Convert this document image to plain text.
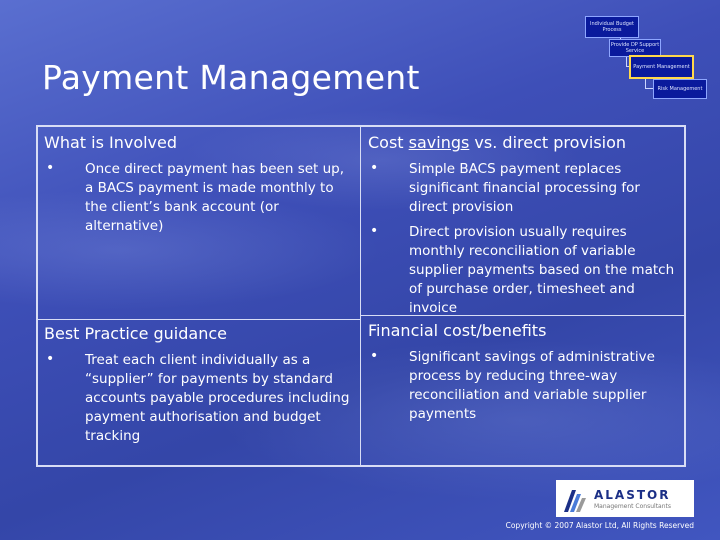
Individual Budget Process
Provide DP Support Service
Payment Management
Risk Management
Payment Management
What is Involved
• Once direct payment has been set up, a BACS payment is made monthly to the client’s bank account (or alternative)
Cost savings vs. direct provision
• Simple BACS payment replaces significant financial processing for direct provision
• Direct provision usually requires monthly reconciliation of variable supplier payments based on the match of purchase order, timesheet and invoice
Best Practice guidance
• Treat each client individually as a “supplier” for payments by standard accounts payable procedures including payment authorisation and budget tracking
Financial cost/benefits
• Significant savings of administrative process by reducing three-way reconciliation and variable supplier payments
ALASTOR
Management Consultants
Copyright © 2007 Alastor Ltd, All Rights Reserved
